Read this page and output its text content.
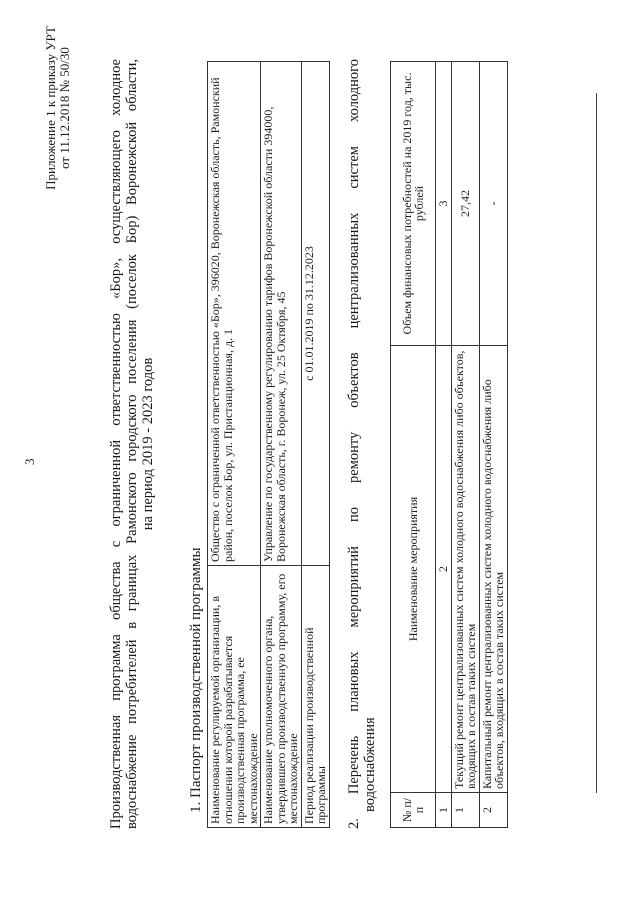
3
Приложение 1 к приказу УРТ от 11.12.2018 № 50/30 Производственная программа общества с ограниченной ответственностью «Бор», осуществляющего холодное водоснабжение потребителей в границах Рамонского городского поселения (поселок Бор) Воронежской области, на период 2019 - 2023 годов

1. Паспорт производственной программы Наименование регулируемой организации, в отношении которой разрабатывается производственная программа, ее местонахождение	Общество с ограниченной ответственностью «Бор», 396020, Воронежская область, Рамонский район, поселок Бор, ул. Пристанционная, д. 1
Наименование уполномоченного органа, утвердившего производственную программу, его местонахождение	Управление по государственному регулированию тарифов Воронежской области 394000, Воронежская область, г. Воронеж, ул. 25 Октября, 45
Период реализации производственной программы	с 01.01.2019 по 31.12.2023 2. Перечень плановых мероприятий по ремонту объектов централизованных систем холодного водоснабжения № п/п	Наименование мероприятия	Объем финансовых потребностей на 2019 год, тыс. рублей
1	2	3
1	Текущий ремонт централизованных систем холодного водоснабжения либо объектов, входящих в состав таких систем	27,42
2	Капитальный ремонт централизованных систем холодного водоснабжения либо объектов, входящих в состав таких систем	-
